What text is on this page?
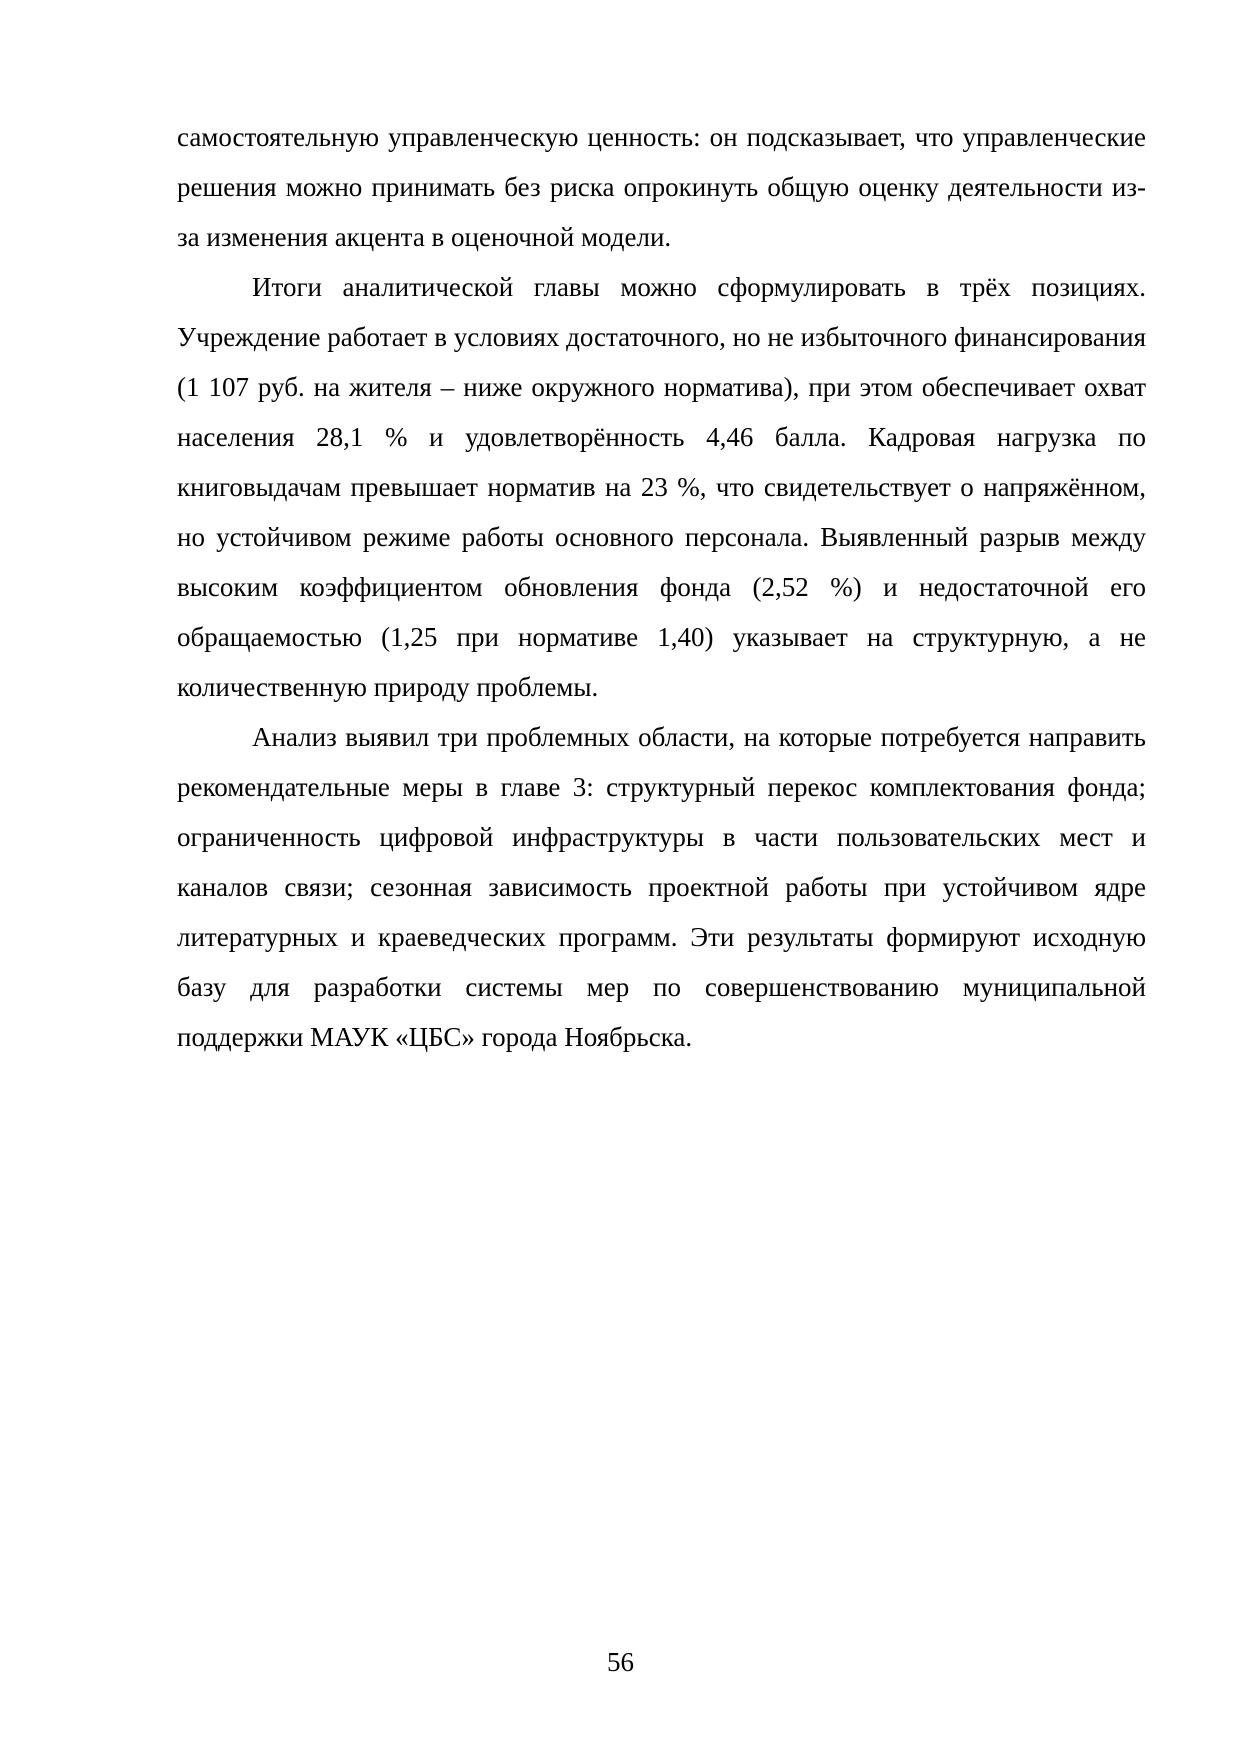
самостоятельную управленческую ценность: он подсказывает, что управленческие решения можно принимать без риска опрокинуть общую оценку деятельности из-за изменения акцента в оценочной модели.

Итоги аналитической главы можно сформулировать в трёх позициях. Учреждение работает в условиях достаточного, но не избыточного финансирования (1 107 руб. на жителя – ниже окружного норматива), при этом обеспечивает охват населения 28,1 % и удовлетворённость 4,46 балла. Кадровая нагрузка по книговыдачам превышает норматив на 23 %, что свидетельствует о напряжённом, но устойчивом режиме работы основного персонала. Выявленный разрыв между высоким коэффициентом обновления фонда (2,52 %) и недостаточной его обращаемостью (1,25 при нормативе 1,40) указывает на структурную, а не количественную природу проблемы.

Анализ выявил три проблемных области, на которые потребуется направить рекомендательные меры в главе 3: структурный перекос комплектования фонда; ограниченность цифровой инфраструктуры в части пользовательских мест и каналов связи; сезонная зависимость проектной работы при устойчивом ядре литературных и краеведческих программ. Эти результаты формируют исходную базу для разработки системы мер по совершенствованию муниципальной поддержки МАУК «ЦБС» города Ноябрьска.

56
